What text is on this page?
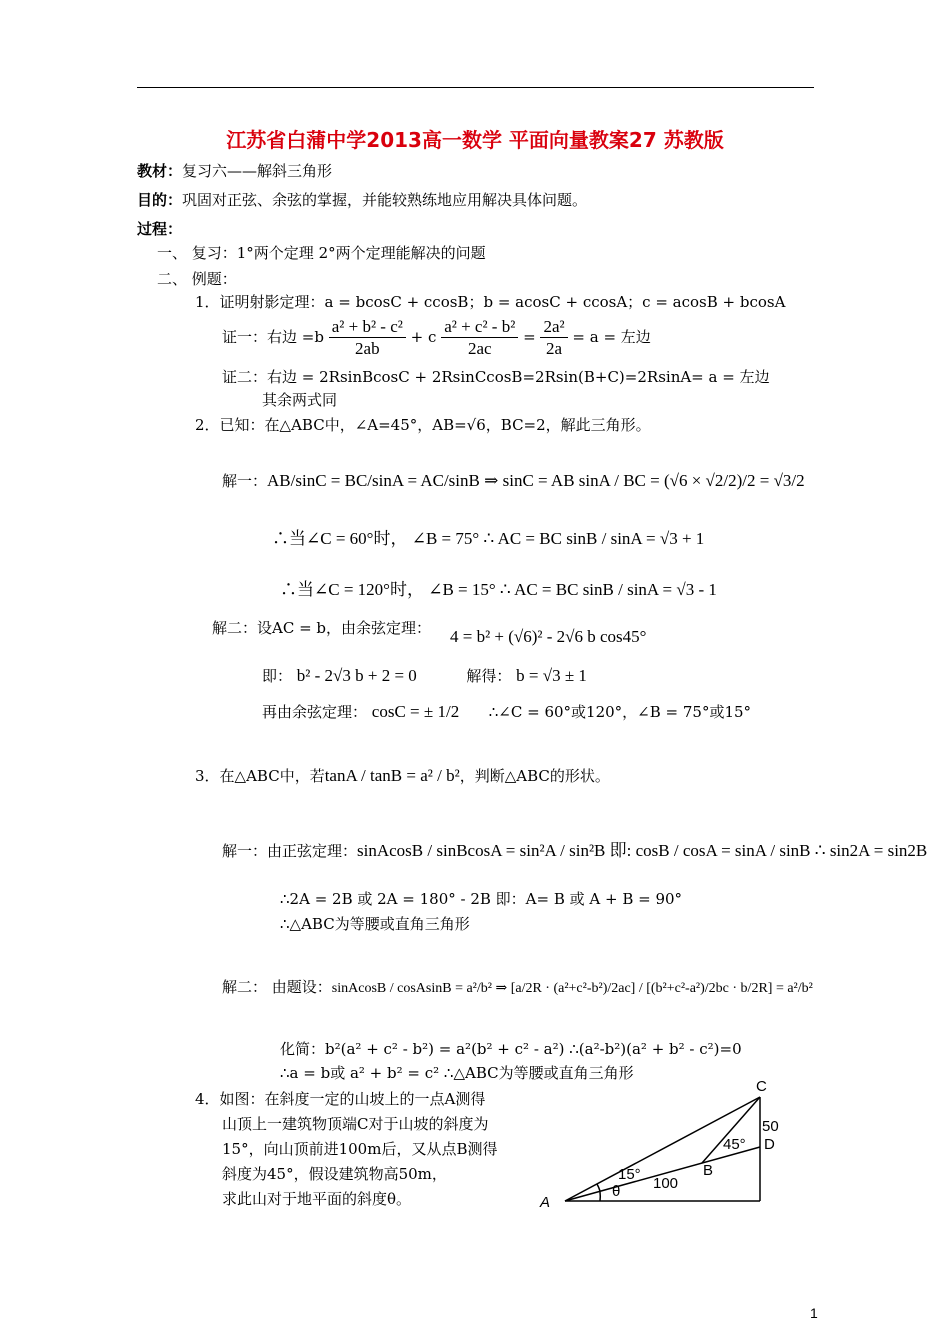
江苏省白蒲中学2013高一数学 平面向量教案27 苏教版
教材：复习六——解斜三角形
目的：巩固对正弦、余弦的掌握，并能较熟练地应用解决具体问题。
过程：
一、 复习：1°两个定理 2°两个定理能解决的问题
二、 例题：
1．证明射影定理：a = bcosC + ccosB；b = acosC + ccosA；c = acosB + bcosA
证一：右边 $=b \frac{\text{a² + b² - c²}}{2ab} + c \frac{\text{a² + c² - b²}}{2ac} = \frac{\text{2a²}}{2a} = a$ = 左边
证二：右边 = 2RsinBcosC + 2RsinCcosB=2Rsin(B+C)=2RsinA= a = 左边
其余两式同
2．已知：在△ABC中，∠A=45°，AB=√6，BC=2，解此三角形。
解一：AB/sinC = BC/sinA = AC/sinB ⇒ sinC = AB sinA / BC = (√6 × √2/2)/2 = √3/2
∴当∠C = 60°时， ∠B = 75° ∴ AC = BC sinB / sinA = √3 + 1
∴当∠C = 120°时， ∠B = 15° ∴ AC = BC sinB / sinA = √3 - 1
解二：设AC = b，由余弦定理： 4 = b² + (√6)² - 2√6 b cos45°
即： b² - 2√3 b + 2 = 0	解得： b = √3 ± 1
再由余弦定理： cosC = ± 1/2 ∴∠C = 60°或120°，∠B = 75°或15°
3．在△ABC中，若tanA / tanB = a² / b²，判断△ABC的形状。
解一：由正弦定理：sinAcosB / sinBcosA = sin²A / sin²B 即: cosB / cosA = sinA / sinB ∴ sin2A = sin2B
∴2A = 2B 或 2A = 180° - 2B 即：A= B 或 A + B = 90°
∴△ABC为等腰或直角三角形
解二： 由题设：sinAcosB / cosAsinB = a²/b² ⇒ [a/2R · (a²+c²-b²)/2ac] / [(b²+c²-a²)/2bc · b/2R] = a²/b²
化简：b²(a² + c² - b²) = a²(b² + c² - a²) ∴(a²-b²)(a² + b² - c²)=0
∴a = b或 a² + b² = c² ∴△ABC为等腰或直角三角形
4．如图：在斜度一定的山坡上的一点A测得
山顶上一建筑物顶端C对于山坡的斜度为
15°，向山顶前进100m后，又从点B测得
斜度为45°，假设建筑物高50m，
求此山对于地平面的斜度θ。
C
D
B
A
50
45°
15°
θ 100
1
